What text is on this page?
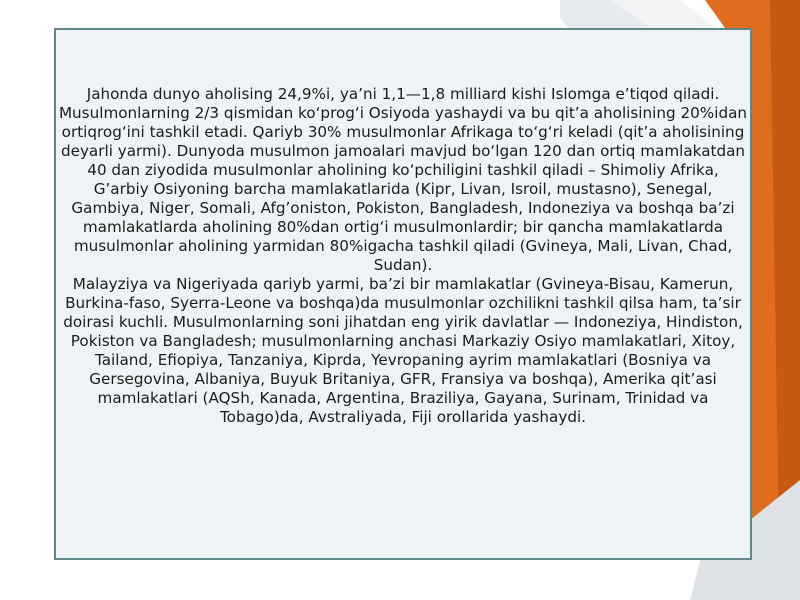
Jahonda dunyo aholising 24,9%i, ya’ni 1,1—1,8 milliard kishi Islomga e’tiqod qiladi. Musulmonlarning 2/3 qismidan ko‘prog‘i Osiyoda yashaydi va bu qit’a aholisining 20%idan ortiqrog‘ini tashkil etadi. Qariyb 30% musulmonlar Afrikaga to‘g‘ri keladi (qit’a aholisining deyarli yarmi). Dunyoda musulmon jamoalari mavjud bo‘lgan 120 dan ortiq mamlakatdan 40 dan ziyodida musulmonlar aholining ko‘pchiligini tashkil qiladi – Shimoliy Afrika, G’arbiy Osiyoning barcha mamlakatlarida (Kipr, Livan, Isroil, mustasno), Senegal, Gambiya, Niger, Somali, Afg’oniston, Pokiston, Bangladesh, Indoneziya va boshqa ba’zi mamlakatlarda aholining 80%dan ortig‘i musulmonlardir; bir qancha mamlakatlarda musulmonlar aholining yarmidan 80%igacha tashkil qiladi (Gvineya, Mali, Livan, Chad, Sudan).

Malayziya va Nigeriyada qariyb yarmi, ba’zi bir mamlakatlar (Gvineya-Bisau, Kamerun, Burkina-faso, Syerra-Leone va boshqa)da musulmonlar ozchilikni tashkil qilsa ham, ta’sir doirasi kuchli. Musulmonlarning soni jihatdan eng yirik davlatlar — Indoneziya, Hindiston, Pokiston va Bangladesh; musulmonlarning anchasi Markaziy Osiyo mamlakatlari, Xitoy, Tailand, Efiopiya, Tanzaniya, Kiprda, Yevropaning ayrim mamlakatlari (Bosniya va Gersegovina, Albaniya, Buyuk Britaniya, GFR, Fransiya va boshqa), Amerika qit’asi mamlakatlari (AQSh, Kanada, Argentina, Braziliya, Gayana, Surinam, Trinidad va Tobago)da, Avstraliyada, Fiji orollarida yashaydi.
